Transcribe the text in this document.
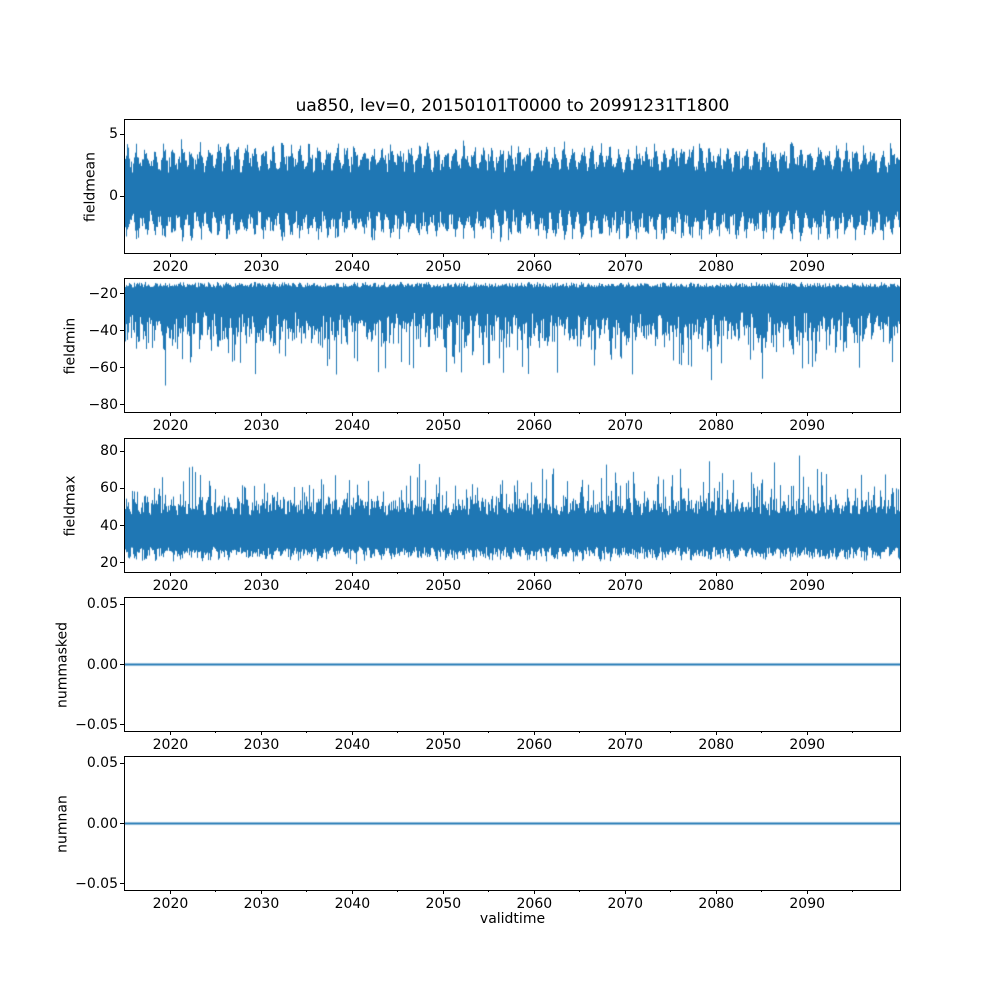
ua850, lev=0, 20150101T0000 to 20991231T1800
5
0
2020	2030	2040	2050	2060	2070	2080	2090
fieldmean
−20
−40
−60
−80
2020	2030	2040	2050	2060	2070	2080	2090
fieldmin
80
60
40
20
2020	2030	2040	2050	2060	2070	2080	2090
fieldmax
0.05
0.00
−0.05
2020	2030	2040	2050	2060	2070	2080	2090
nummasked
0.05
0.00
−0.05
2020	2030	2040	2050	2060	2070	2080	2090
numnan
validtime
